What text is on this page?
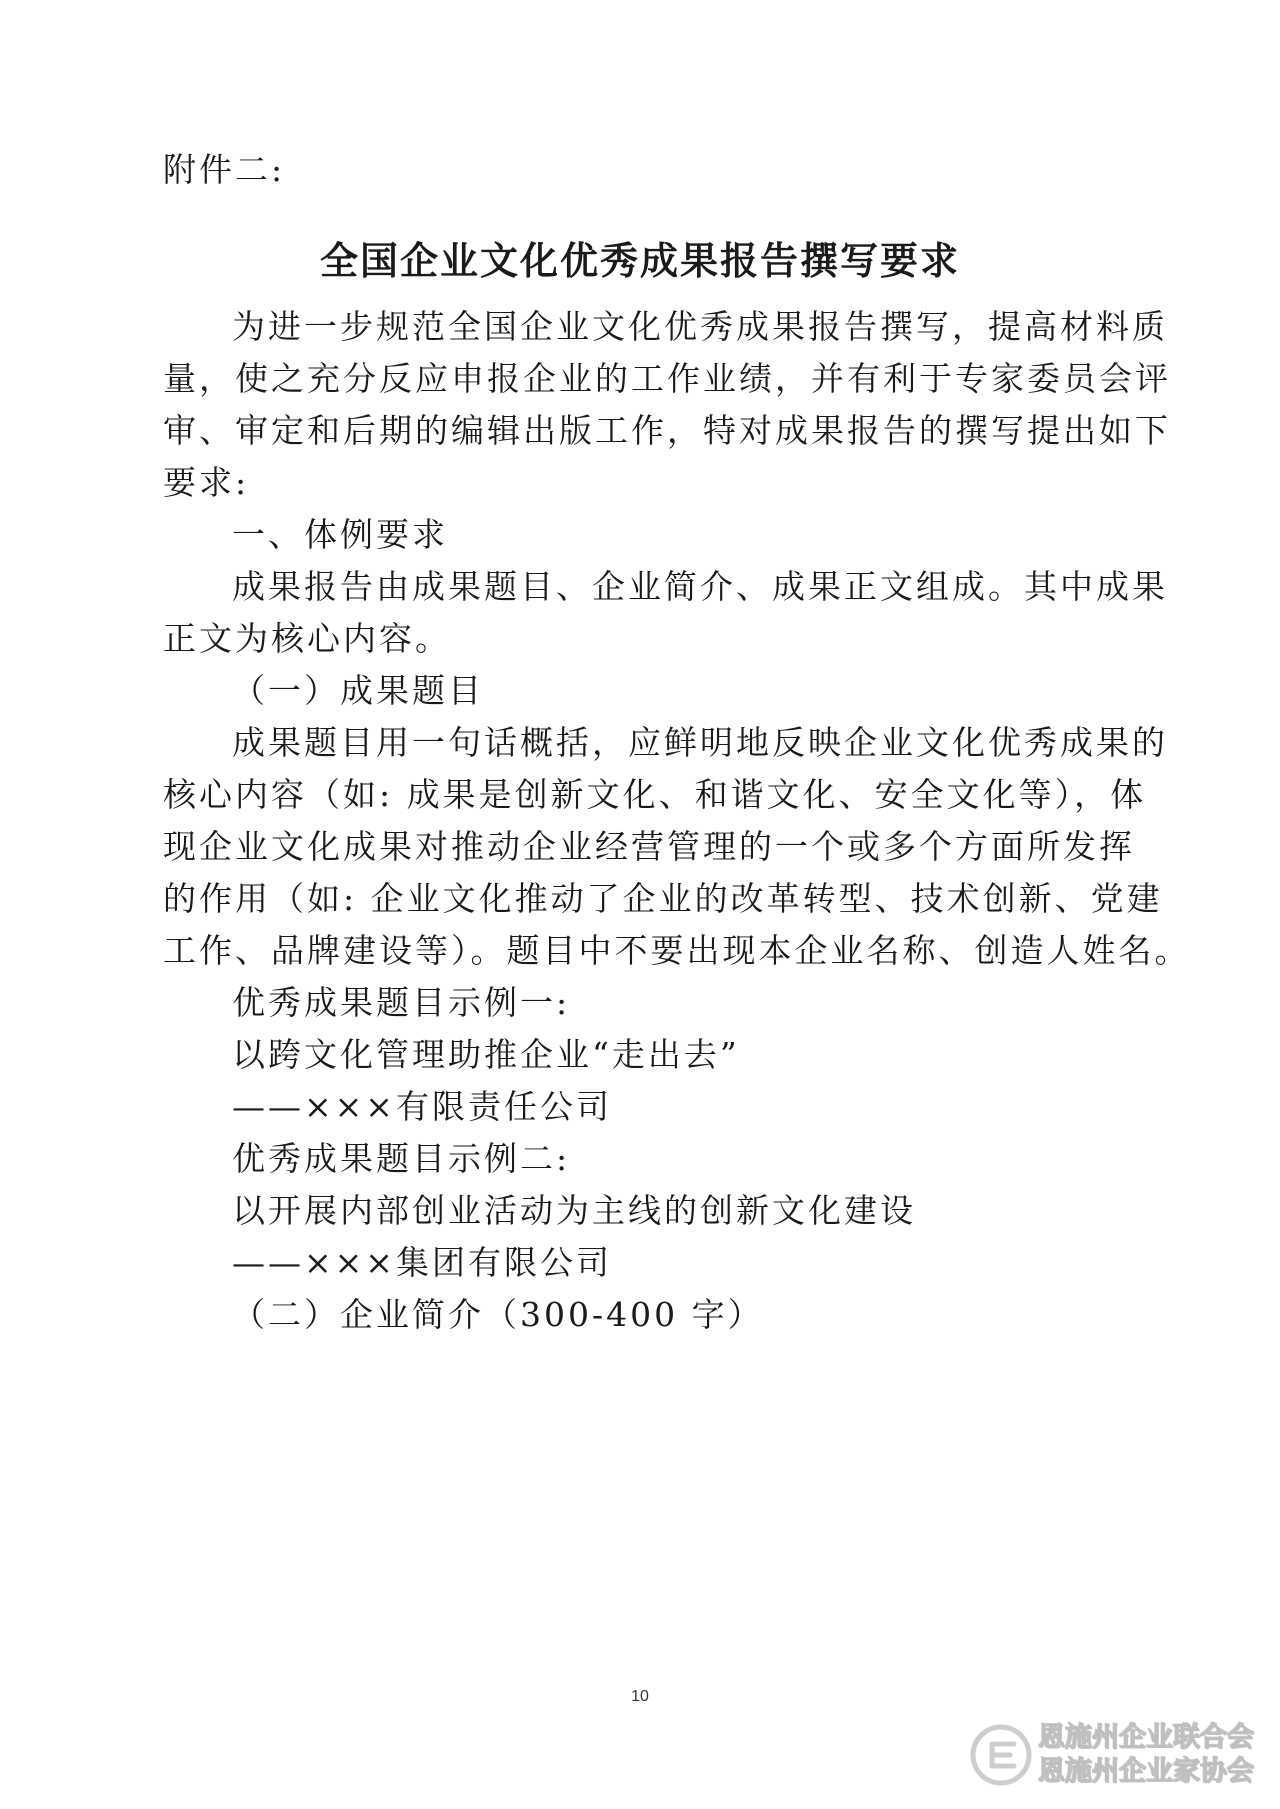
附件二:
全国企业文化优秀成果报告撰写要求
为进一步规范全国企业文化优秀成果报告撰写，提高材料质
量，使之充分反应申报企业的工作业绩，并有利于专家委员会评
审、审定和后期的编辑出版工作，特对成果报告的撰写提出如下
要求:
一、体例要求
成果报告由成果题目、企业简介、成果正文组成。其中成果
正文为核心内容。
（一）成果题目
成果题目用一句话概括，应鲜明地反映企业文化优秀成果的
核心内容（如: 成果是创新文化、和谐文化、安全文化等），体
现企业文化成果对推动企业经营管理的一个或多个方面所发挥
的作用（如: 企业文化推动了企业的改革转型、技术创新、党建
工作、品牌建设等）。题目中不要出现本企业名称、创造人姓名。
优秀成果题目示例一:
以跨文化管理助推企业“走出去”
——×××有限责任公司
优秀成果题目示例二:
以开展内部创业活动为主线的创新文化建设
——×××集团有限公司
（二）企业简介（300-400 字）
10
恩施州企业联合会
恩施州企业家协会
